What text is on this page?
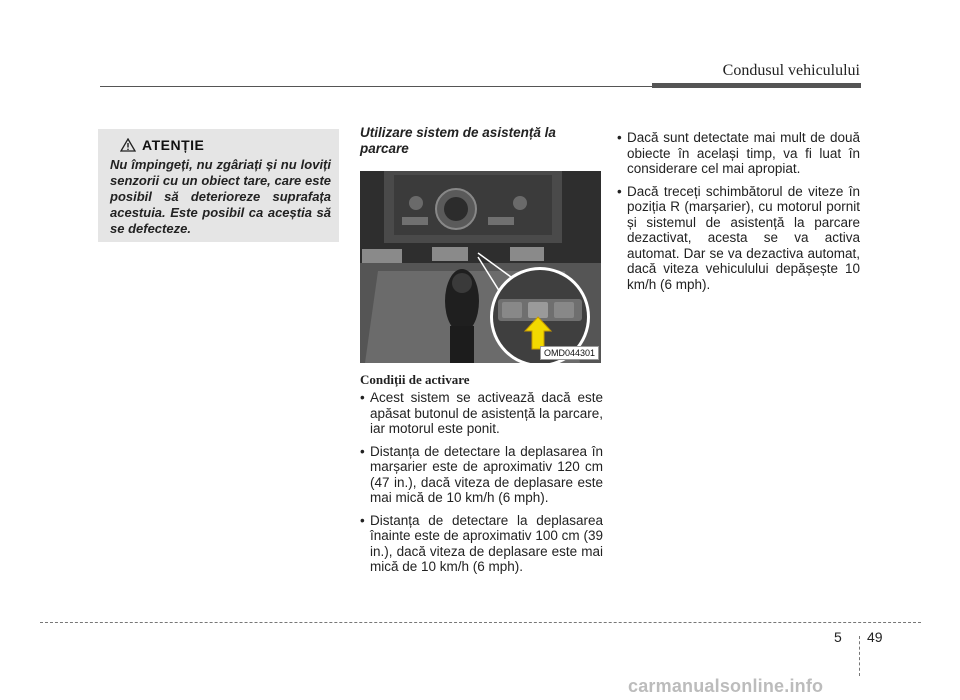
Condusul vehiculului
ATENȚIE
Nu împingeți, nu zgâriați și nu loviți senzorii cu un obiect tare, care este posibil să deterioreze suprafața acestuia. Este posibil ca aceștia să se defecteze.
Utilizare sistem de asistență la parcare
OMD044301
Condiții de activare
• Acest sistem se activează dacă este apăsat butonul de asistență la parcare, iar motorul este ponit.
• Distanța de detectare la deplasarea în marșarier este de aproximativ 120 cm (47 in.), dacă viteza de deplasare este mai mică de 10 km/h (6 mph).
• Distanța de detectare la deplasarea înainte este de aproximativ 100 cm (39 in.), dacă viteza de deplasare este mai mică de 10 km/h (6 mph).
• Dacă sunt detectate mai mult de două obiecte în același timp, va fi luat în considerare cel mai apropiat.
• Dacă treceți schimbătorul de viteze în poziția R (marșarier), cu motorul pornit și sistemul de asistență la parcare dezactivat, acesta se va activa automat. Dar se va dezactiva automat, dacă viteza vehiculului depășește 10 km/h (6 mph).
5 49
carmanualsonline.info
